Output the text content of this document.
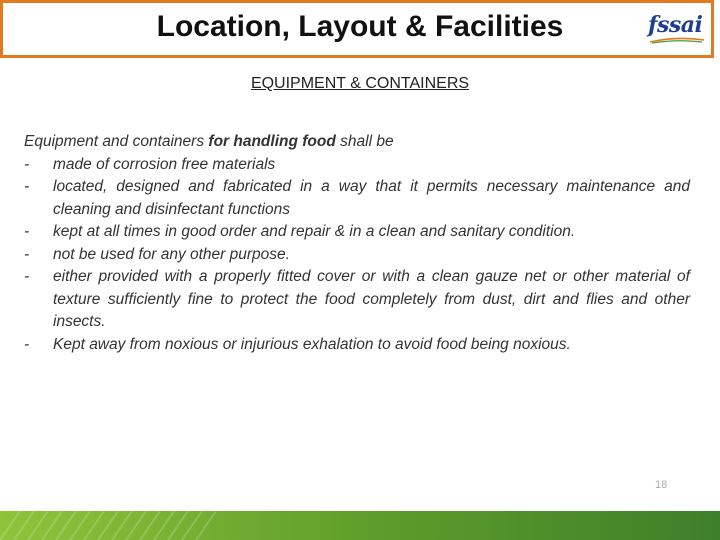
Location, Layout & Facilities	fssai
EQUIPMENT & CONTAINERS
Equipment and containers for handling food shall be
- made of corrosion free materials
- located, designed and fabricated in a way that it permits necessary maintenance and cleaning and disinfectant functions
- kept at all times in good order and repair & in a clean and sanitary condition.
- not be used for any other purpose.
- either provided with a properly fitted cover or with a clean gauze net or other material of texture sufficiently fine to protect the food completely from dust, dirt and flies and other insects.
- Kept away from noxious or injurious exhalation to avoid food being noxious.
18
